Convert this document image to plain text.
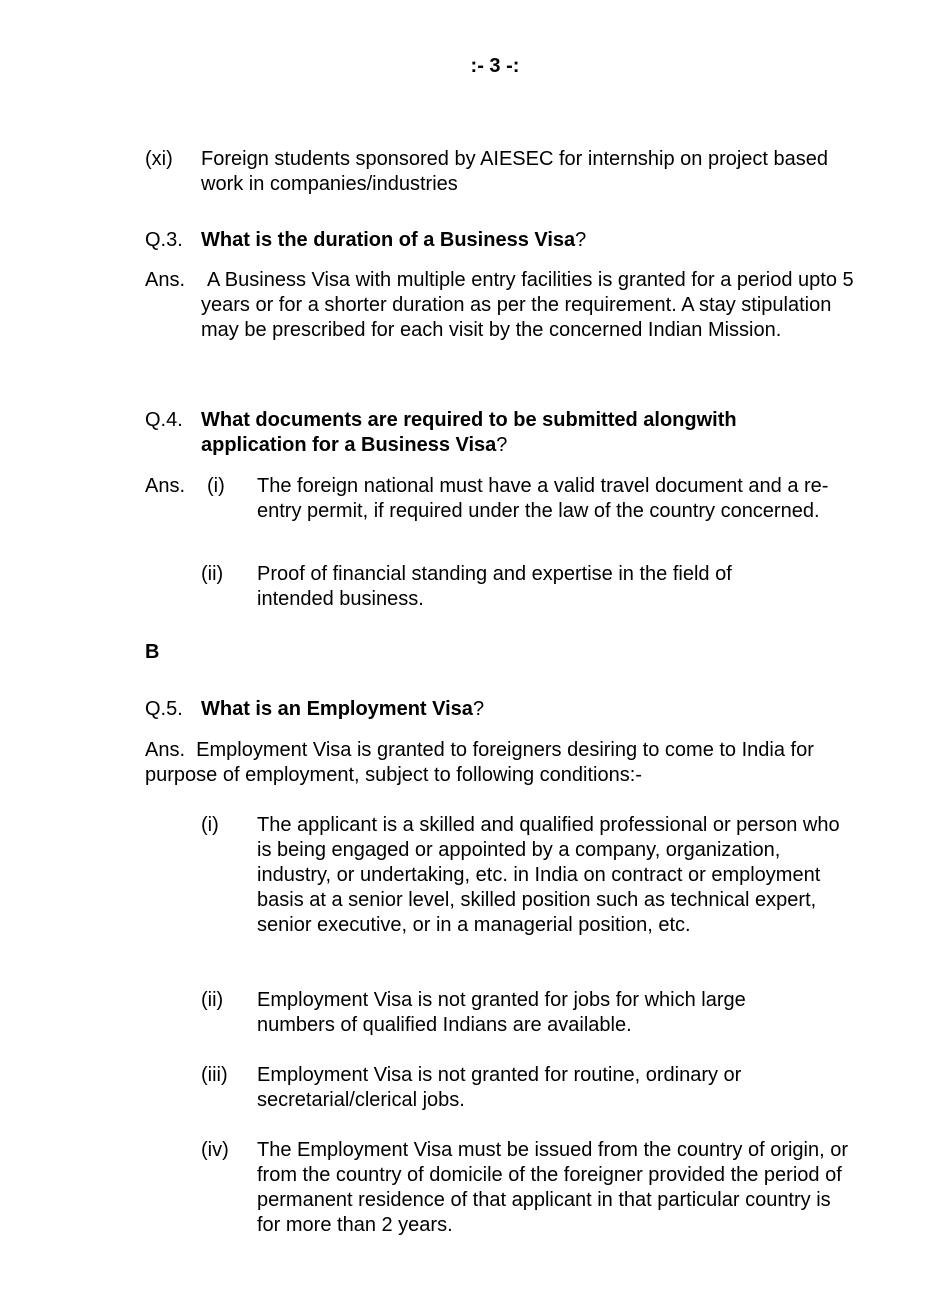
:- 3 -:
(xi) Foreign students sponsored by AIESEC for internship on project based work in companies/industries
Q.3. What is the duration of a Business Visa?
Ans.	A Business Visa with multiple entry facilities is granted for a period upto 5 years or for a shorter duration as per the requirement. A stay stipulation may be prescribed for each visit by the concerned Indian Mission.
Q.4. What documents are required to be submitted alongwith application for a Business Visa?
Ans. (i) The foreign national must have a valid travel document and a re-entry permit, if required under the law of the country concerned.
(ii) Proof of financial standing and expertise in the field of intended business.
B
Q.5. What is an Employment Visa?
Ans. Employment Visa is granted to foreigners desiring to come to India for purpose of employment, subject to following conditions:-
(i) The applicant is a skilled and qualified professional or person who is being engaged or appointed by a company, organization, industry, or undertaking, etc. in India on contract or employment basis at a senior level, skilled position such as technical expert, senior executive, or in a managerial position, etc.
(ii) Employment Visa is not granted for jobs for which large numbers of qualified Indians are available.
(iii) Employment Visa is not granted for routine, ordinary or secretarial/clerical jobs.
(iv) The Employment Visa must be issued from the country of origin, or from the country of domicile of the foreigner provided the period of permanent residence of that applicant in that particular country is for more than 2 years.
